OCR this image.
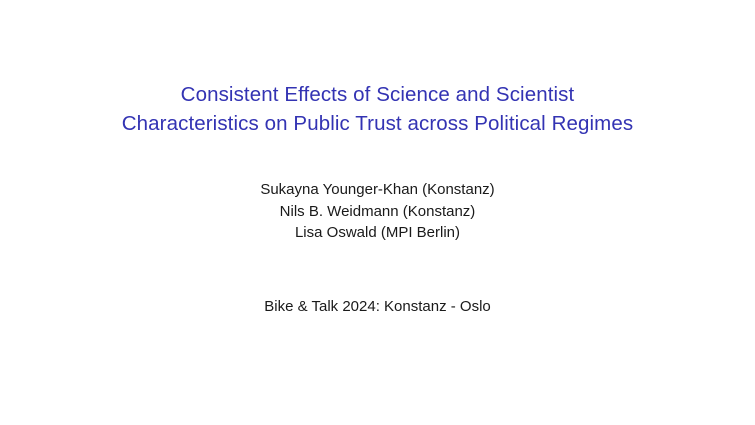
Consistent Effects of Science and Scientist
Characteristics on Public Trust across Political Regimes
Sukayna Younger-Khan (Konstanz)
Nils B. Weidmann (Konstanz)
Lisa Oswald (MPI Berlin)
Bike & Talk 2024: Konstanz - Oslo
